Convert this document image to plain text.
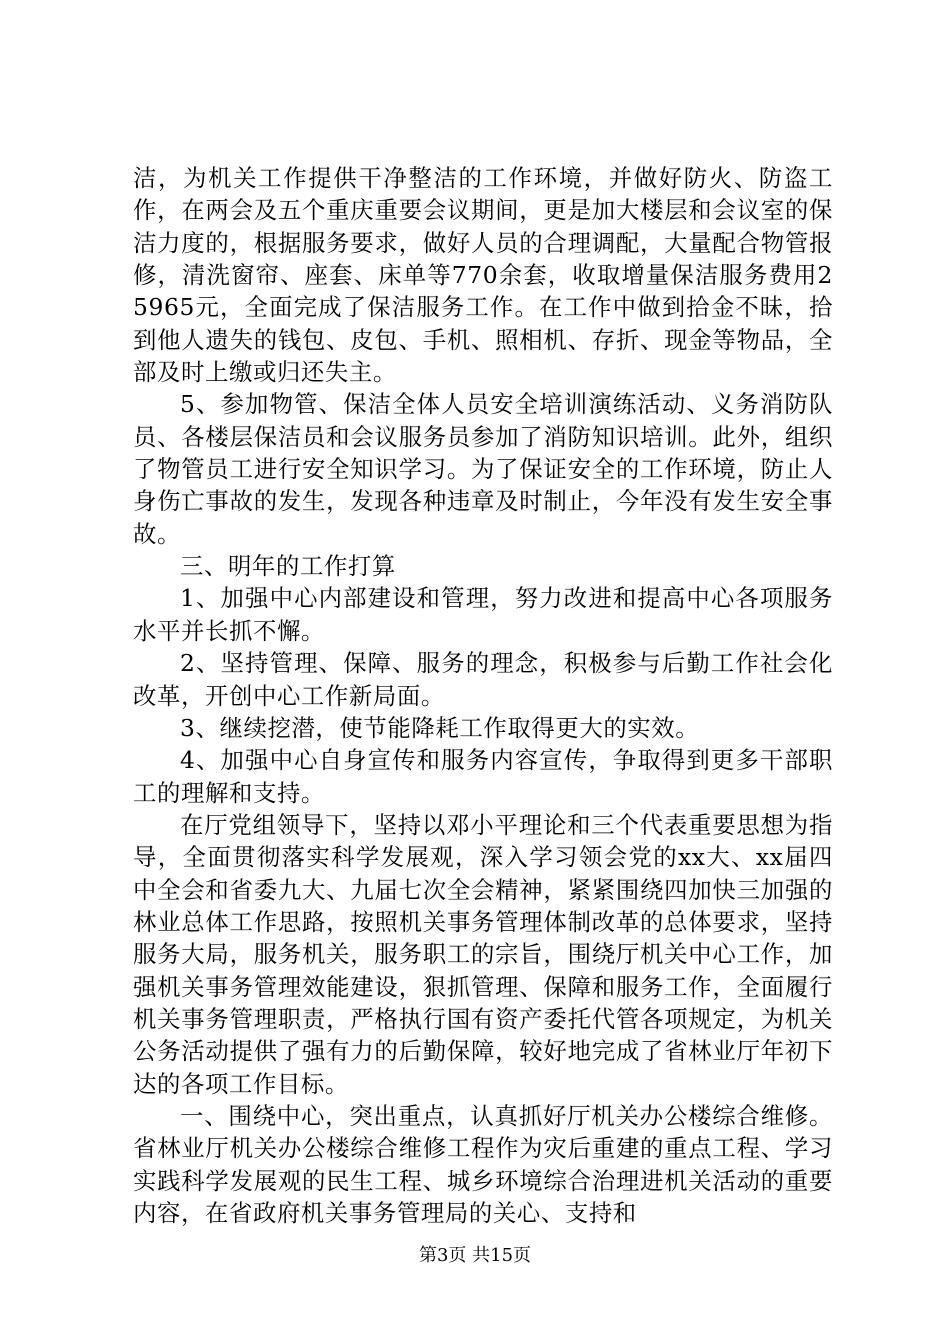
洁，为机关工作提供干净整洁的工作环境，并做好防火、防盗工作，在两会及五个重庆重要会议期间，更是加大楼层和会议室的保洁力度的，根据服务要求，做好人员的合理调配，大量配合物管报修，清洗窗帘、座套、床单等770余套，收取增量保洁服务费用25965元，全面完成了保洁服务工作。在工作中做到拾金不昧，拾到他人遗失的钱包、皮包、手机、照相机、存折、现金等物品，全部及时上缴或归还失主。

5、参加物管、保洁全体人员安全培训演练活动、义务消防队员、各楼层保洁员和会议服务员参加了消防知识培训。此外，组织了物管员工进行安全知识学习。为了保证安全的工作环境，防止人身伤亡事故的发生，发现各种违章及时制止，今年没有发生安全事故。

三、明年的工作打算

1、加强中心内部建设和管理，努力改进和提高中心各项服务水平并长抓不懈。

2、坚持管理、保障、服务的理念，积极参与后勤工作社会化改革，开创中心工作新局面。

3、继续挖潜，使节能降耗工作取得更大的实效。

4、加强中心自身宣传和服务内容宣传，争取得到更多干部职工的理解和支持。

在厅党组领导下，坚持以邓小平理论和三个代表重要思想为指导，全面贯彻落实科学发展观，深入学习领会党的xx大、xx届四中全会和省委九大、九届七次全会精神，紧紧围绕四加快三加强的林业总体工作思路，按照机关事务管理体制改革的总体要求，坚持服务大局，服务机关，服务职工的宗旨，围绕厅机关中心工作，加强机关事务管理效能建设，狠抓管理、保障和服务工作，全面履行机关事务管理职责，严格执行国有资产委托代管各项规定，为机关公务活动提供了强有力的后勤保障，较好地完成了省林业厅年初下达的各项工作目标。

一、围绕中心，突出重点，认真抓好厅机关办公楼综合维修。省林业厅机关办公楼综合维修工程作为灾后重建的重点工程、学习实践科学发展观的民生工程、城乡环境综合治理进机关活动的重要内容，在省政府机关事务管理局的关心、支持和

第3页 共15页
